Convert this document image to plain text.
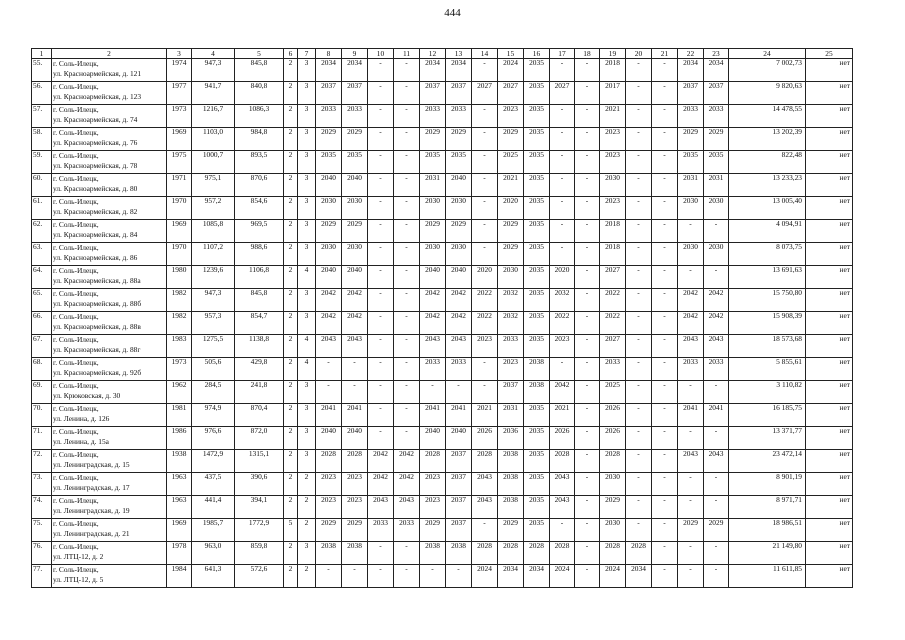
444
1	2	3	4	5	6	7	8	9	10	11	12	13	14	15	16	17	18	19	20	21	22	23	24	25
55.	г. Соль-Илецк,
ул. Красноармейская, д. 121	1974	947,3	845,8	2	3	2034	2034	-	-	2034	2034	-	2024	2035	-	-	2018	-	-	2034	2034	7 002,73	нет
56.	г. Соль-Илецк,
ул. Красноармейская, д. 123	1977	941,7	840,8	2	3	2037	2037	-	-	2037	2037	2027	2027	2035	2027	-	2017	-	-	2037	2037	9 820,63	нет
57.	г. Соль-Илецк,
ул. Красноармейская, д. 74	1973	1216,7	1086,3	2	3	2033	2033	-	-	2033	2033	-	2023	2035	-	-	2021	-	-	2033	2033	14 478,55	нет
58.	г. Соль-Илецк,
ул. Красноармейская, д. 76	1969	1103,0	984,8	2	3	2029	2029	-	-	2029	2029	-	2029	2035	-	-	2023	-	-	2029	2029	13 202,39	нет
59.	г. Соль-Илецк,
ул. Красноармейская, д. 78	1975	1000,7	893,5	2	3	2035	2035	-	-	2035	2035	-	2025	2035	-	-	2023	-	-	2035	2035	822,48	нет
60.	г. Соль-Илецк,
ул. Красноармейская, д. 80	1971	975,1	870,6	2	3	2040	2040	-	-	2031	2040	-	2021	2035	-	-	2030	-	-	2031	2031	13 233,23	нет
61.	г. Соль-Илецк,
ул. Красноармейская, д. 82	1970	957,2	854,6	2	3	2030	2030	-	-	2030	2030	-	2020	2035	-	-	2023	-	-	2030	2030	13 005,40	нет
62.	г. Соль-Илецк,
ул. Красноармейская, д. 84	1969	1085,8	969,5	2	3	2029	2029	-	-	2029	2029	-	2029	2035	-	-	2018	-	-	-	-	4 094,91	нет
63.	г. Соль-Илецк,
ул. Красноармейская, д. 86	1970	1107,2	988,6	2	3	2030	2030	-	-	2030	2030	-	2029	2035	-	-	2018	-	-	2030	2030	8 073,75	нет
64.	г. Соль-Илецк,
ул. Красноармейская, д. 88а	1980	1239,6	1106,8	2	4	2040	2040	-	-	2040	2040	2020	2030	2035	2020	-	2027	-	-	-	-	13 691,63	нет
65.	г. Соль-Илецк,
ул. Красноармейская, д. 88б	1982	947,3	845,8	2	3	2042	2042	-	-	2042	2042	2022	2032	2035	2032	-	2022	-	-	2042	2042	15 750,80	нет
66.	г. Соль-Илецк,
ул. Красноармейская, д. 88в	1982	957,3	854,7	2	3	2042	2042	-	-	2042	2042	2022	2032	2035	2022	-	2022	-	-	2042	2042	15 908,39	нет
67.	г. Соль-Илецк,
ул. Красноармейская, д. 88г	1983	1275,5	1138,8	2	4	2043	2043	-	-	2043	2043	2023	2033	2035	2023	-	2027	-	-	2043	2043	18 573,68	нет
68.	г. Соль-Илецк,
ул. Красноармейская, д. 92б	1973	505,6	429,8	2	4	-	-	-	-	2033	2033	-	2023	2038	-	-	2033	-	-	2033	2033	5 855,61	нет
69.	г. Соль-Илецк,
ул. Крюковская, д. 30	1962	284,5	241,8	2	3	-	-	-	-	-	-	-	2037	2038	2042	-	2025	-	-	-	-	3 110,82	нет
70.	г. Соль-Илецк,
ул. Ленина, д. 126	1981	974,9	870,4	2	3	2041	2041	-	-	2041	2041	2021	2031	2035	2021	-	2026	-	-	2041	2041	16 185,75	нет
71.	г. Соль-Илецк,
ул. Ленина, д. 15а	1986	976,6	872,0	2	3	2040	2040	-	-	2040	2040	2026	2036	2035	2026	-	2026	-	-	-	-	13 371,77	нет
72.	г. Соль-Илецк,
ул. Ленинградская, д. 15	1938	1472,9	1315,1	2	3	2028	2028	2042	2042	2028	2037	2028	2038	2035	2028	-	2028	-	-	2043	2043	23 472,14	нет
73.	г. Соль-Илецк,
ул. Ленинградская, д. 17	1963	437,5	390,6	2	2	2023	2023	2042	2042	2023	2037	2043	2038	2035	2043	-	2030	-	-	-	-	8 901,19	нет
74.	г. Соль-Илецк,
ул. Ленинградская, д. 19	1963	441,4	394,1	2	2	2023	2023	2043	2043	2023	2037	2043	2038	2035	2043	-	2029	-	-	-	-	8 971,71	нет
75.	г. Соль-Илецк,
ул. Ленинградская, д. 21	1969	1985,7	1772,9	5	2	2029	2029	2033	2033	2029	2037	-	2029	2035	-	-	2030	-	-	2029	2029	18 986,51	нет
76.	г. Соль-Илецк,
ул. ЛТЦ-12, д. 2	1978	963,0	859,8	2	3	2038	2038	-	-	2038	2038	2028	2028	2028	2028	-	2028	2028	-	-	-	21 149,80	нет
77.	г. Соль-Илецк,
ул. ЛТЦ-12, д. 5	1984	641,3	572,6	2	2	-	-	-	-	-	-	2024	2034	2034	2024	-	2024	2034	-	-	-	11 611,85	нет
